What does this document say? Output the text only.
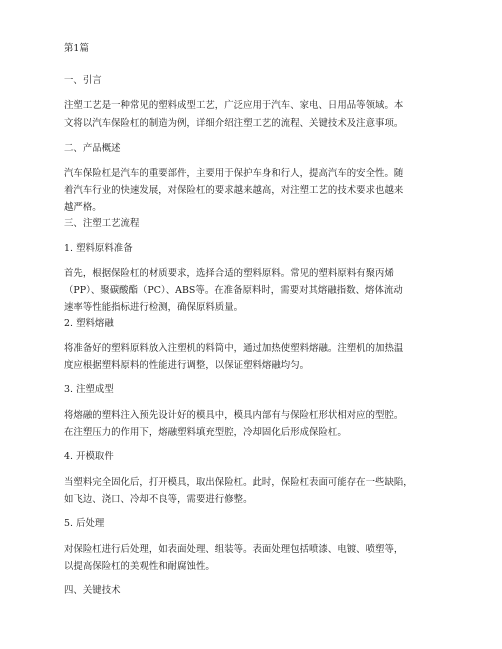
第1篇
一、引言
注塑工艺是一种常见的塑料成型工艺，广泛应用于汽车、家电、日用品等领域。本
文将以汽车保险杠的制造为例，详细介绍注塑工艺的流程、关键技术及注意事项。
二、产品概述
汽车保险杠是汽车的重要部件，主要用于保护车身和行人，提高汽车的安全性。随
着汽车行业的快速发展，对保险杠的要求越来越高，对注塑工艺的技术要求也越来
越严格。
三、注塑工艺流程
1. 塑料原料准备
首先，根据保险杠的材质要求，选择合适的塑料原料。常见的塑料原料有聚丙烯
（PP）、聚碳酸酯（PC）、ABS等。在准备原料时，需要对其熔融指数、熔体流动
速率等性能指标进行检测，确保原料质量。
2. 塑料熔融
将准备好的塑料原料放入注塑机的料筒中，通过加热使塑料熔融。注塑机的加热温
度应根据塑料原料的性能进行调整，以保证塑料熔融均匀。
3. 注塑成型
将熔融的塑料注入预先设计好的模具中，模具内部有与保险杠形状相对应的型腔。
在注塑压力的作用下，熔融塑料填充型腔，冷却固化后形成保险杠。
4. 开模取件
当塑料完全固化后，打开模具，取出保险杠。此时，保险杠表面可能存在一些缺陷，
如飞边、浇口、冷却不良等，需要进行修整。
5. 后处理
对保险杠进行后处理，如表面处理、组装等。表面处理包括喷漆、电镀、喷塑等，
以提高保险杠的美观性和耐腐蚀性。
四、关键技术
